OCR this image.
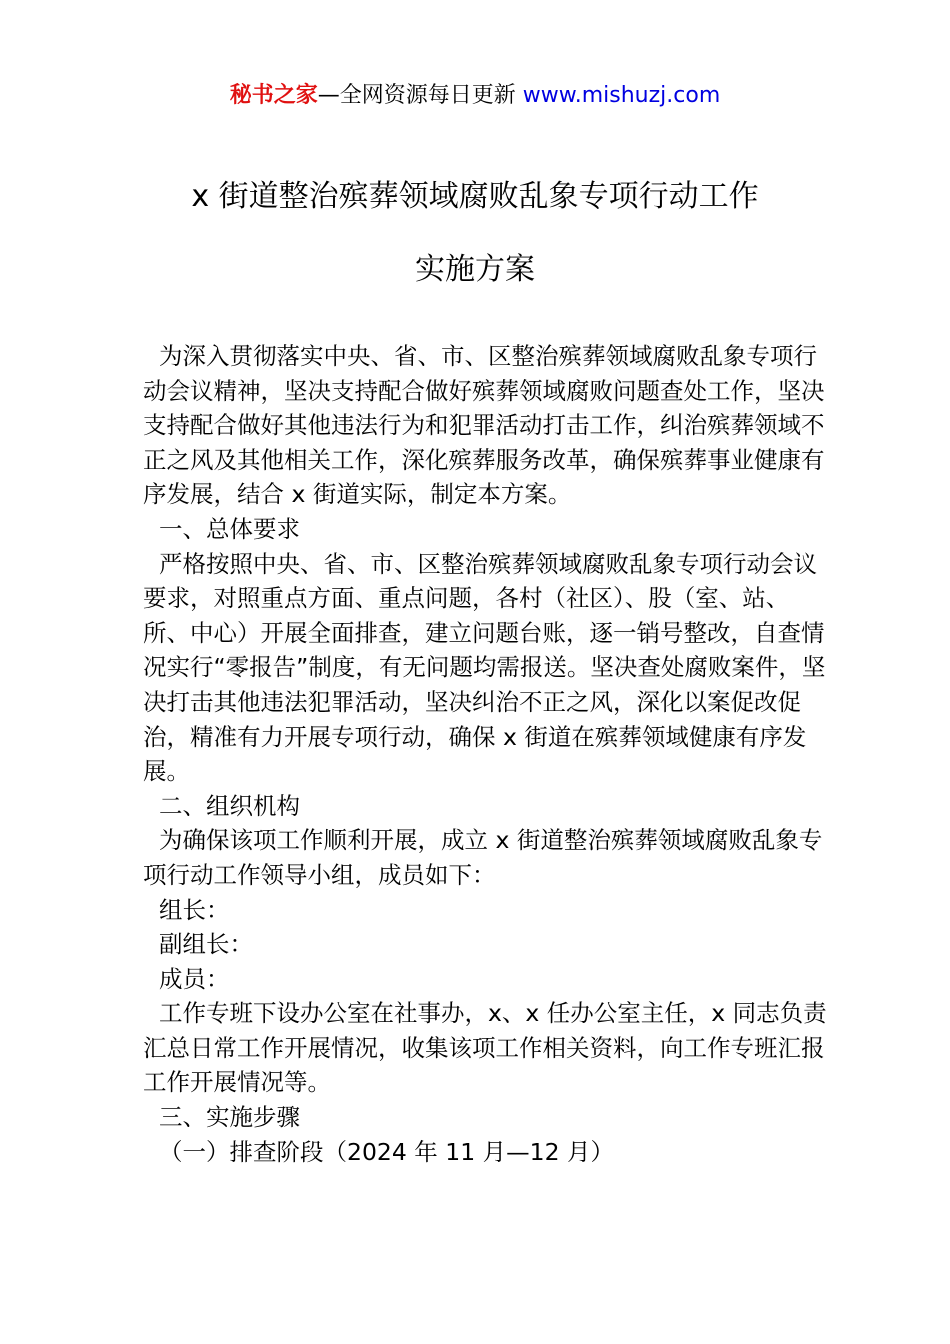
秘书之家—全网资源每日更新 www.mishuzj.com
x 街道整治殡葬领域腐败乱象专项行动工作
实施方案

为深入贯彻落实中央、省、市、区整治殡葬领域腐败乱象专项行动会议精神，坚决支持配合做好殡葬领域腐败问题查处工作，坚决支持配合做好其他违法行为和犯罪活动打击工作，纠治殡葬领域不正之风及其他相关工作，深化殡葬服务改革，确保殡葬事业健康有序发展，结合 x 街道实际，制定本方案。

一、总体要求

严格按照中央、省、市、区整治殡葬领域腐败乱象专项行动会议要求，对照重点方面、重点问题，各村（社区）、股（室、站、所、中心）开展全面排查，建立问题台账，逐一销号整改，自查情况实行“零报告”制度，有无问题均需报送。坚决查处腐败案件，坚决打击其他违法犯罪活动，坚决纠治不正之风，深化以案促改促治，精准有力开展专项行动，确保 x 街道在殡葬领域健康有序发展。

二、组织机构

为确保该项工作顺利开展，成立 x 街道整治殡葬领域腐败乱象专项行动工作领导小组，成员如下：

组长：

副组长：

成员：

工作专班下设办公室在社事办，x、x 任办公室主任，x 同志负责汇总日常工作开展情况，收集该项工作相关资料，向工作专班汇报工作开展情况等。

三、实施步骤

（一）排查阶段（2024 年 11 月—12 月）
